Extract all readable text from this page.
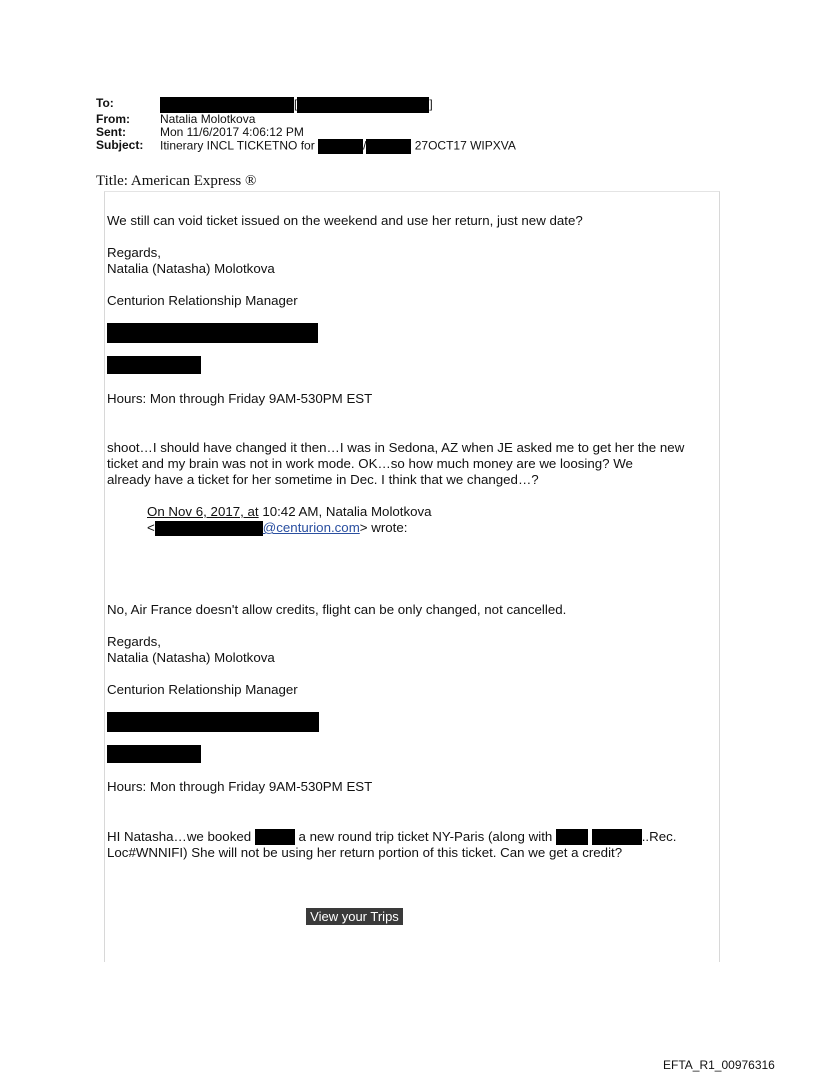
To:	[	]
From:	Natalia Molotkova
Sent:	Mon 11/6/2017 4:06:12 PM
Subject: Itinerary INCL TICKETNO for	/	27OCT17 WIPXVA
Title: American Express ®
We still can void ticket issued on the weekend and use her return, just new date?
Regards,
Natalia (Natasha) Molotkova
Centurion Relationship Manager
Hours: Mon through Friday 9AM-530PM EST
shoot…I should have changed it then…I was in Sedona, AZ when JE asked me to get her the new
ticket and my brain was not in work mode. OK…so how much money are we loosing? We
already have a ticket for her sometime in Dec. I think that we changed…?
On Nov 6, 2017, at 10:42 AM, Natalia Molotkova
<	@centurion.com> wrote:
No, Air France doesn't allow credits, flight can be only changed, not cancelled.
Regards,
Natalia (Natasha) Molotkova
Centurion Relationship Manager
Hours: Mon through Friday 9AM-530PM EST
HI Natasha…we booked	a new round trip ticket NY-Paris (along with	..Rec.
Loc#WNNIFI) She will not be using her return portion of this ticket. Can we get a credit?
View your Trips
EFTA_R1_00976316
